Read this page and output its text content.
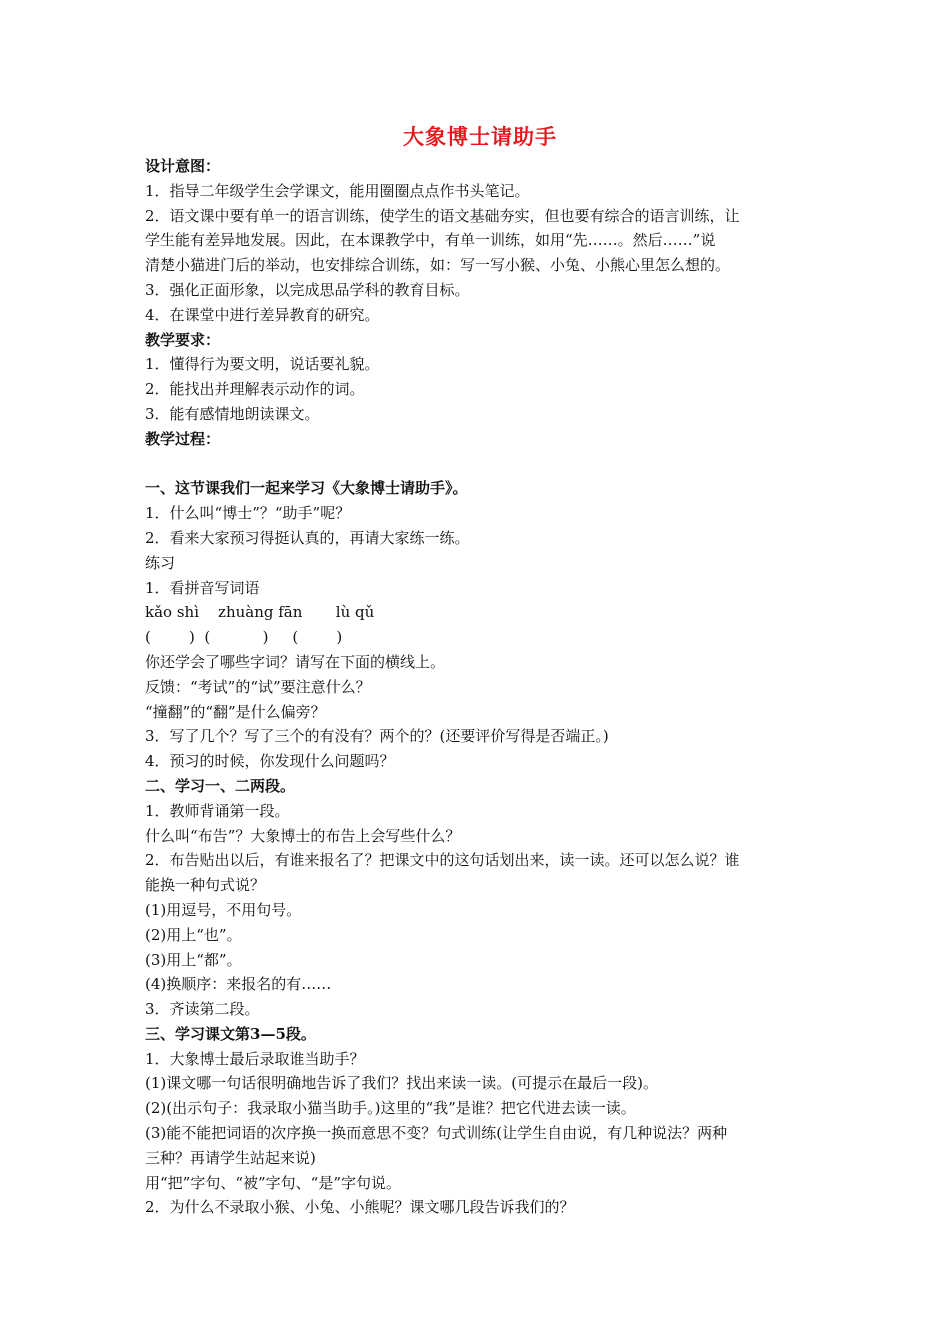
大象博士请助手
设计意图：
1．指导二年级学生会学课文，能用圈圈点点作书头笔记。
2．语文课中要有单一的语言训练，使学生的语文基础夯实，但也要有综合的语言训练，让
学生能有差异地发展。因此，在本课教学中，有单一训练，如用“先……。然后……”说
清楚小猫进门后的举动，也安排综合训练，如：写一写小猴、小兔、小熊心里怎么想的。
3．强化正面形象，以完成思品学科的教育目标。
4．在课堂中进行差异教育的研究。
教学要求：
1．懂得行为要文明，说话要礼貌。
2．能找出并理解表示动作的词。
3．能有感情地朗读课文。
教学过程：
一、这节课我们一起来学习《大象博士请助手》。
1．什么叫“博士”？“助手”呢？
2．看来大家预习得挺认真的，再请大家练一练。
练习
1．看拼音写词语
kǎo shì    zhuàng fān       lù qǔ
(        )  (           )     (        )
你还学会了哪些字词？请写在下面的横线上。
反馈：“考试”的“试”要注意什么？
“撞翻”的“翻”是什么偏旁？
3．写了几个？写了三个的有没有？两个的？(还要评价写得是否端正。)
4．预习的时候，你发现什么问题吗？
二、学习一、二两段。
1．教师背诵第一段。
什么叫“布告”？大象博士的布告上会写些什么？
2．布告贴出以后，有谁来报名了？把课文中的这句话划出来，读一读。还可以怎么说？谁
能换一种句式说？
(1)用逗号，不用句号。
(2)用上“也”。
(3)用上“都”。
(4)换顺序：来报名的有……
3．齐读第二段。
三、学习课文第3—5段。
1．大象博士最后录取谁当助手？
(1)课文哪一句话很明确地告诉了我们？找出来读一读。(可提示在最后一段)。
(2)(出示句子：我录取小猫当助手。)这里的“我”是谁？把它代进去读一读。
(3)能不能把词语的次序换一换而意思不变？句式训练(让学生自由说，有几种说法？两种
三种？再请学生站起来说)
用“把”字句、“被”字句、“是”字句说。
2．为什么不录取小猴、小兔、小熊呢？课文哪几段告诉我们的？
